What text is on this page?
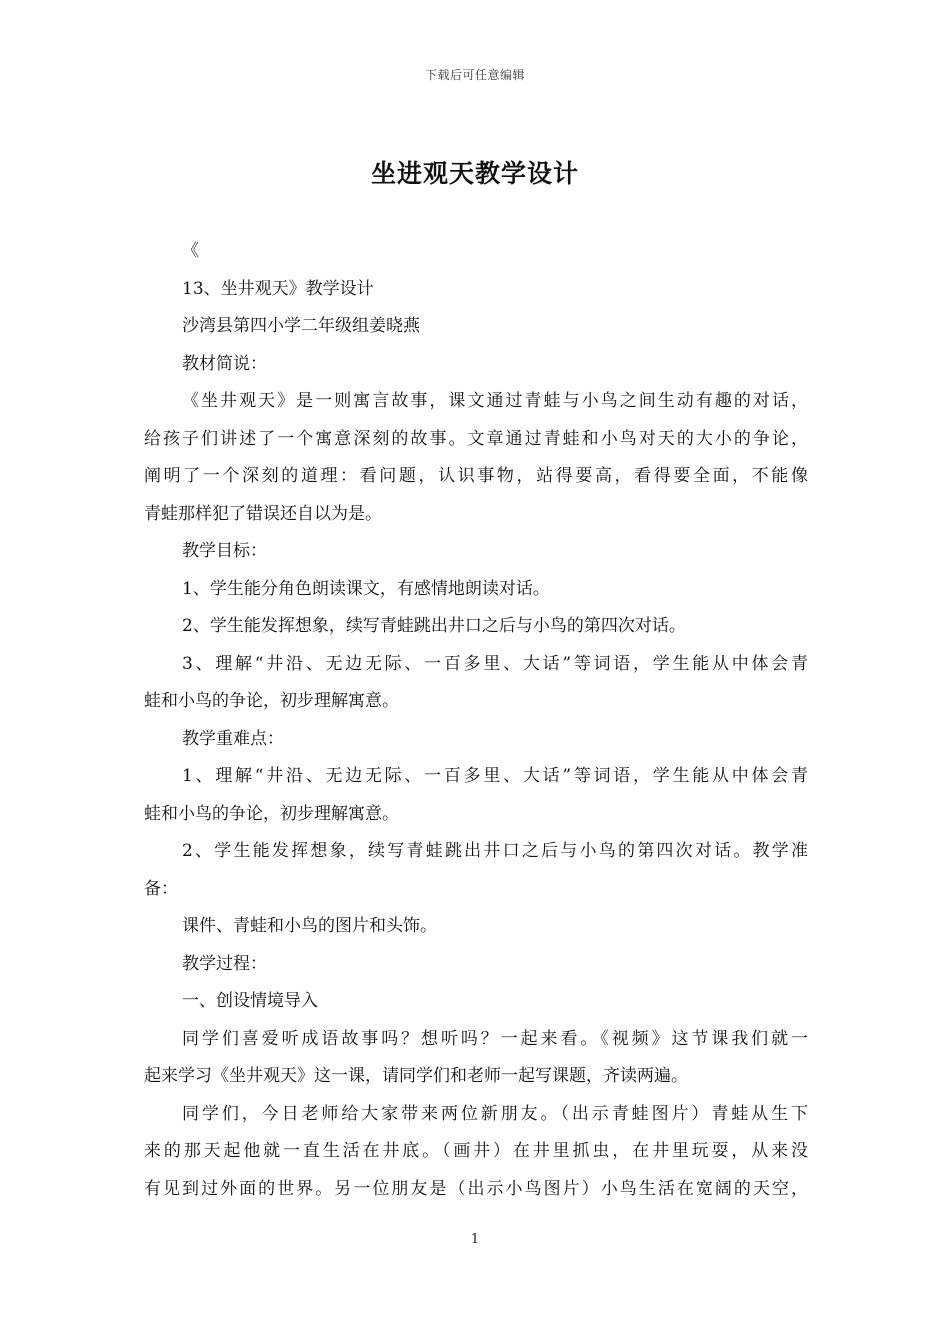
下载后可任意编辑
坐进观天教学设计
《
13、坐井观天》教学设计
沙湾县第四小学二年级组姜晓燕
教材简说：
《坐井观天》是一则寓言故事，课文通过青蛙与小鸟之间生动有趣的对话，
给孩子们讲述了一个寓意深刻的故事。文章通过青蛙和小鸟对天的大小的争论，
阐明了一个深刻的道理：看问题，认识事物，站得要高，看得要全面，不能像
青蛙那样犯了错误还自以为是。
教学目标：
1、学生能分角色朗读课文，有感情地朗读对话。
2、学生能发挥想象，续写青蛙跳出井口之后与小鸟的第四次对话。
3、理解“井沿、无边无际、一百多里、大话”等词语，学生能从中体会青
蛙和小鸟的争论，初步理解寓意。
教学重难点：
1、理解“井沿、无边无际、一百多里、大话”等词语，学生能从中体会青
蛙和小鸟的争论，初步理解寓意。
2、学生能发挥想象，续写青蛙跳出井口之后与小鸟的第四次对话。教学准
备：
课件、青蛙和小鸟的图片和头饰。
教学过程：
一、创设情境导入
同学们喜爱听成语故事吗？想听吗？一起来看。《视频》这节课我们就一
起来学习《坐井观天》这一课，请同学们和老师一起写课题，齐读两遍。
同学们，今日老师给大家带来两位新朋友。（出示青蛙图片）青蛙从生下
来的那天起他就一直生活在井底。（画井）在井里抓虫，在井里玩耍，从来没
有见到过外面的世界。另一位朋友是（出示小鸟图片）小鸟生活在宽阔的天空，
1
